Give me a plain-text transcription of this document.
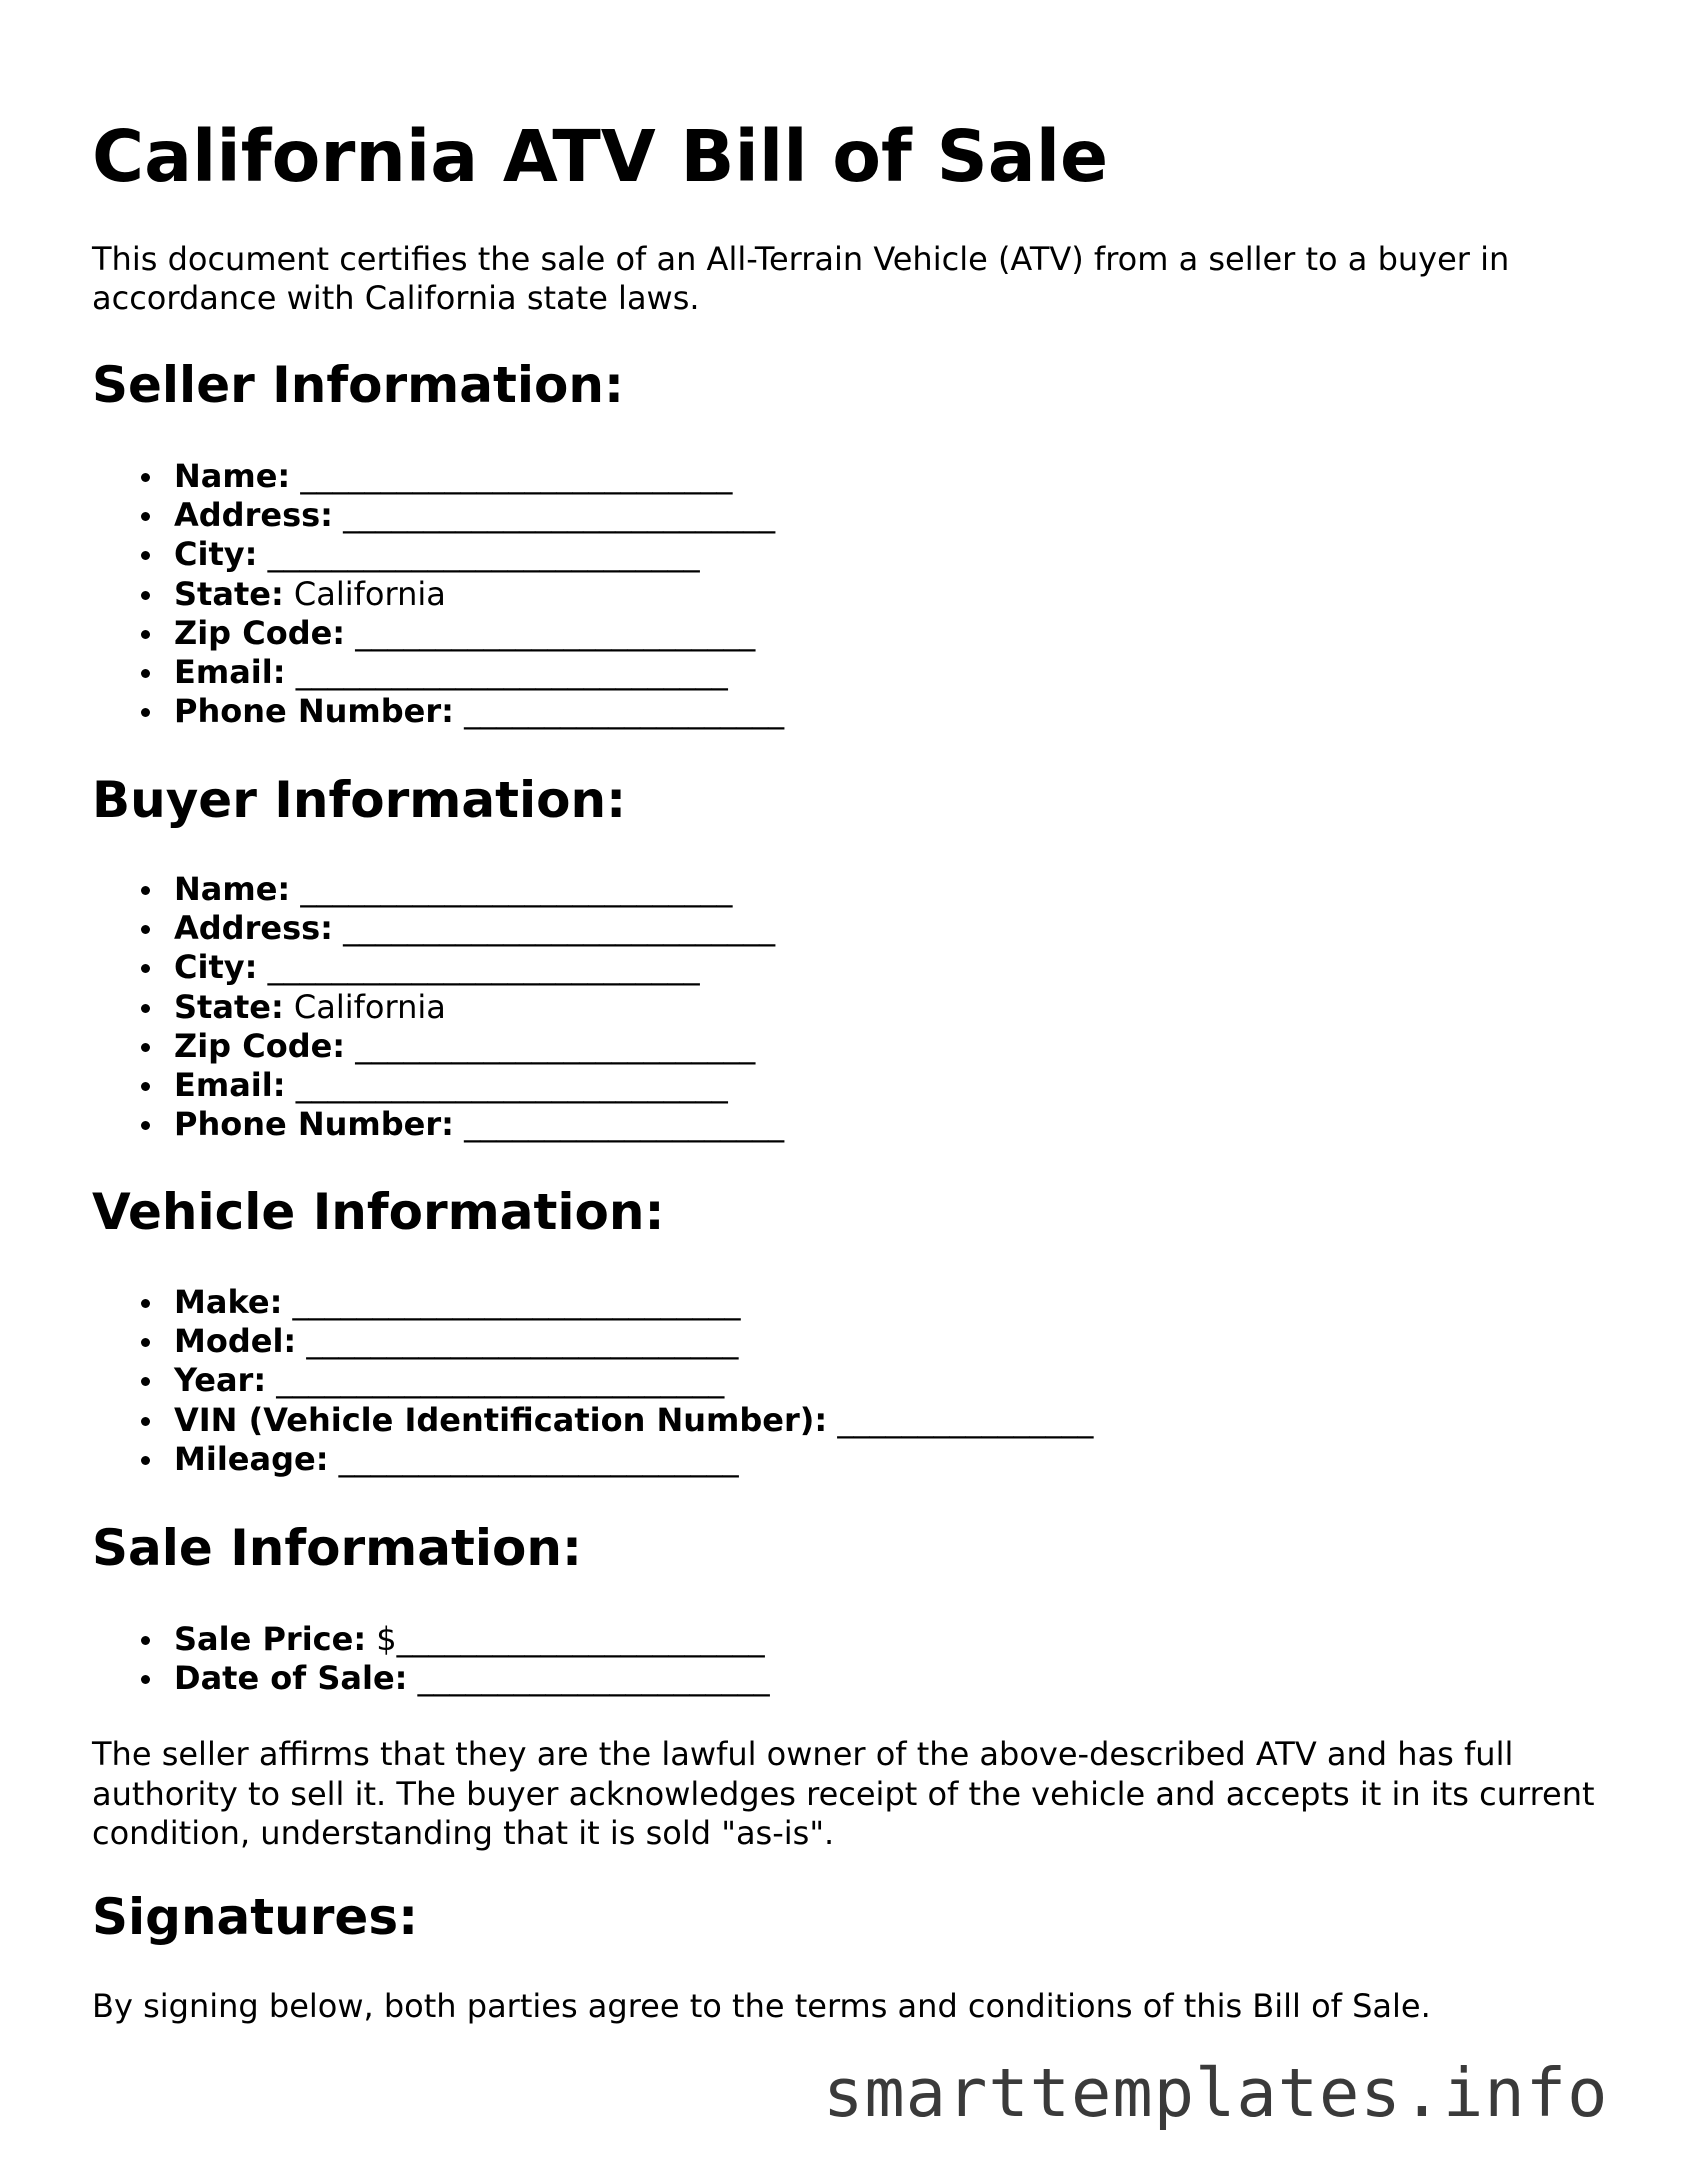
California ATV Bill of Sale

This document certifies the sale of an All-Terrain Vehicle (ATV) from a seller to a buyer in accordance with California state laws.

Seller Information:
Name: ___________________________
Address: ___________________________
City: ___________________________
State: California
Zip Code: _________________________
Email: ___________________________
Phone Number: ____________________
Buyer Information:
Name: ___________________________
Address: ___________________________
City: ___________________________
State: California
Zip Code: _________________________
Email: ___________________________
Phone Number: ____________________
Vehicle Information:
Make: ____________________________
Model: ___________________________
Year: ____________________________
VIN (Vehicle Identification Number): ________________
Mileage: _________________________
Sale Information:
Sale Price: $_______________________
Date of Sale: ______________________

The seller affirms that they are the lawful owner of the above-described ATV and has full authority to sell it. The buyer acknowledges receipt of the vehicle and accepts it in its current condition, understanding that it is sold "as-is".

Signatures:

By signing below, both parties agree to the terms and conditions of this Bill of Sale.

smarttemplates.info
